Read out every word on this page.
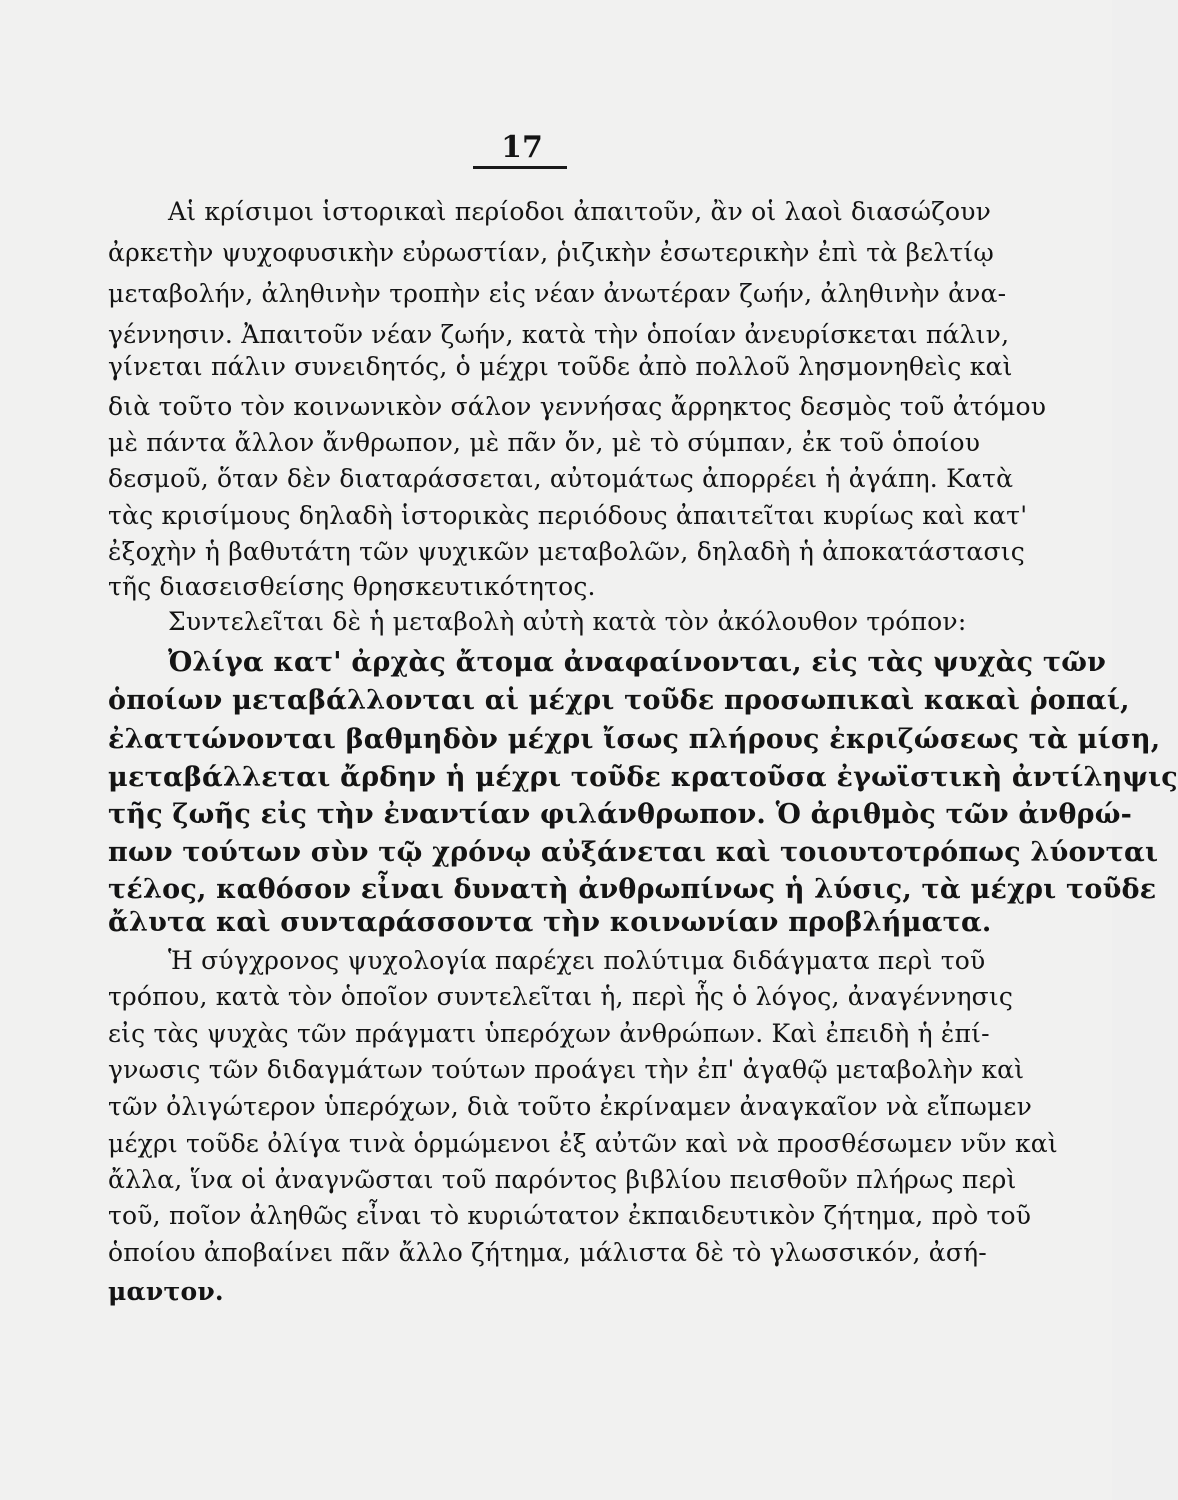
17
Αἱ κρίσιμοι ἱστορικαὶ περίοδοι ἀπαιτοῦν, ἂν οἱ λαοὶ διασώζουν
ἀρκετὴν ψυχοφυσικὴν εὐρωστίαν, ῥιζικὴν ἐσωτερικὴν ἐπὶ τὰ βελτίῳ
μεταβολήν, ἀληθινὴν τροπὴν εἰς νέαν ἀνωτέραν ζωήν, ἀληθινὴν ἀνα-
γέννησιν. Ἀπαιτοῦν νέαν ζωήν, κατὰ τὴν ὁποίαν ἀνευρίσκεται πάλιν,
γίνεται πάλιν συνειδητός, ὁ μέχρι τοῦδε ἀπὸ πολλοῦ λησμονηθεὶς καὶ
διὰ τοῦτο τὸν κοινωνικὸν σάλον γεννήσας ἄρρηκτος δεσμὸς τοῦ ἀτόμου
μὲ πάντα ἄλλον ἄνθρωπον, μὲ πᾶν ὄν, μὲ τὸ σύμπαν, ἐκ τοῦ ὁποίου
δεσμοῦ, ὅταν δὲν διαταράσσεται, αὐτομάτως ἀπορρέει ἡ ἀγάπη. Κατὰ
τὰς κρισίμους δηλαδὴ ἱστορικὰς περιόδους ἀπαιτεῖται κυρίως καὶ κατ'
ἐξοχὴν ἡ βαθυτάτη τῶν ψυχικῶν μεταβολῶν, δηλαδὴ ἡ ἀποκατάστασις
τῆς διασεισθείσης θρησκευτικότητος.
Συντελεῖται δὲ ἡ μεταβολὴ αὐτὴ κατὰ τὸν ἀκόλουθον τρόπον:
Ὀλίγα κατ' ἀρχὰς ἄτομα ἀναφαίνονται, εἰς τὰς ψυχὰς τῶν
ὁποίων μεταβάλλονται αἱ μέχρι τοῦδε προσωπικαὶ κακαὶ ῥοπαί,
ἐλαττώνονται βαθμηδὸν μέχρι ἴσως πλήρους ἐκριζώσεως τὰ μίση,
μεταβάλλεται ἄρδην ἡ μέχρι τοῦδε κρατοῦσα ἐγωϊστικὴ ἀντίληψις
τῆς ζωῆς εἰς τὴν ἐναντίαν φιλάνθρωπον. Ὁ ἀριθμὸς τῶν ἀνθρώ-
πων τούτων σὺν τῷ χρόνῳ αὐξάνεται καὶ τοιουτοτρόπως λύονται
τέλος, καθόσον εἶναι δυνατὴ ἀνθρωπίνως ἡ λύσις, τὰ μέχρι τοῦδε
ἄλυτα καὶ συνταράσσοντα τὴν κοινωνίαν προβλήματα.
Ἡ σύγχρονος ψυχολογία παρέχει πολύτιμα διδάγματα περὶ τοῦ
τρόπου, κατὰ τὸν ὁποῖον συντελεῖται ἡ, περὶ ἧς ὁ λόγος, ἀναγέννησις
εἰς τὰς ψυχὰς τῶν πράγματι ὑπερόχων ἀνθρώπων. Καὶ ἐπειδὴ ἡ ἐπί-
γνωσις τῶν διδαγμάτων τούτων προάγει τὴν ἐπ' ἀγαθῷ μεταβολὴν καὶ
τῶν ὀλιγώτερον ὑπερόχων, διὰ τοῦτο ἐκρίναμεν ἀναγκαῖον νὰ εἴπωμεν
μέχρι τοῦδε ὀλίγα τινὰ ὁρμώμενοι ἐξ αὐτῶν καὶ νὰ προσθέσωμεν νῦν καὶ
ἄλλα, ἵνα οἱ ἀναγνῶσται τοῦ παρόντος βιβλίου πεισθοῦν πλήρως περὶ
τοῦ, ποῖον ἀληθῶς εἶναι τὸ κυριώτατον ἐκπαιδευτικὸν ζήτημα, πρὸ τοῦ
ὁποίου ἀποβαίνει πᾶν ἄλλο ζήτημα, μάλιστα δὲ τὸ γλωσσικόν, ἀσή-
μαντον.
